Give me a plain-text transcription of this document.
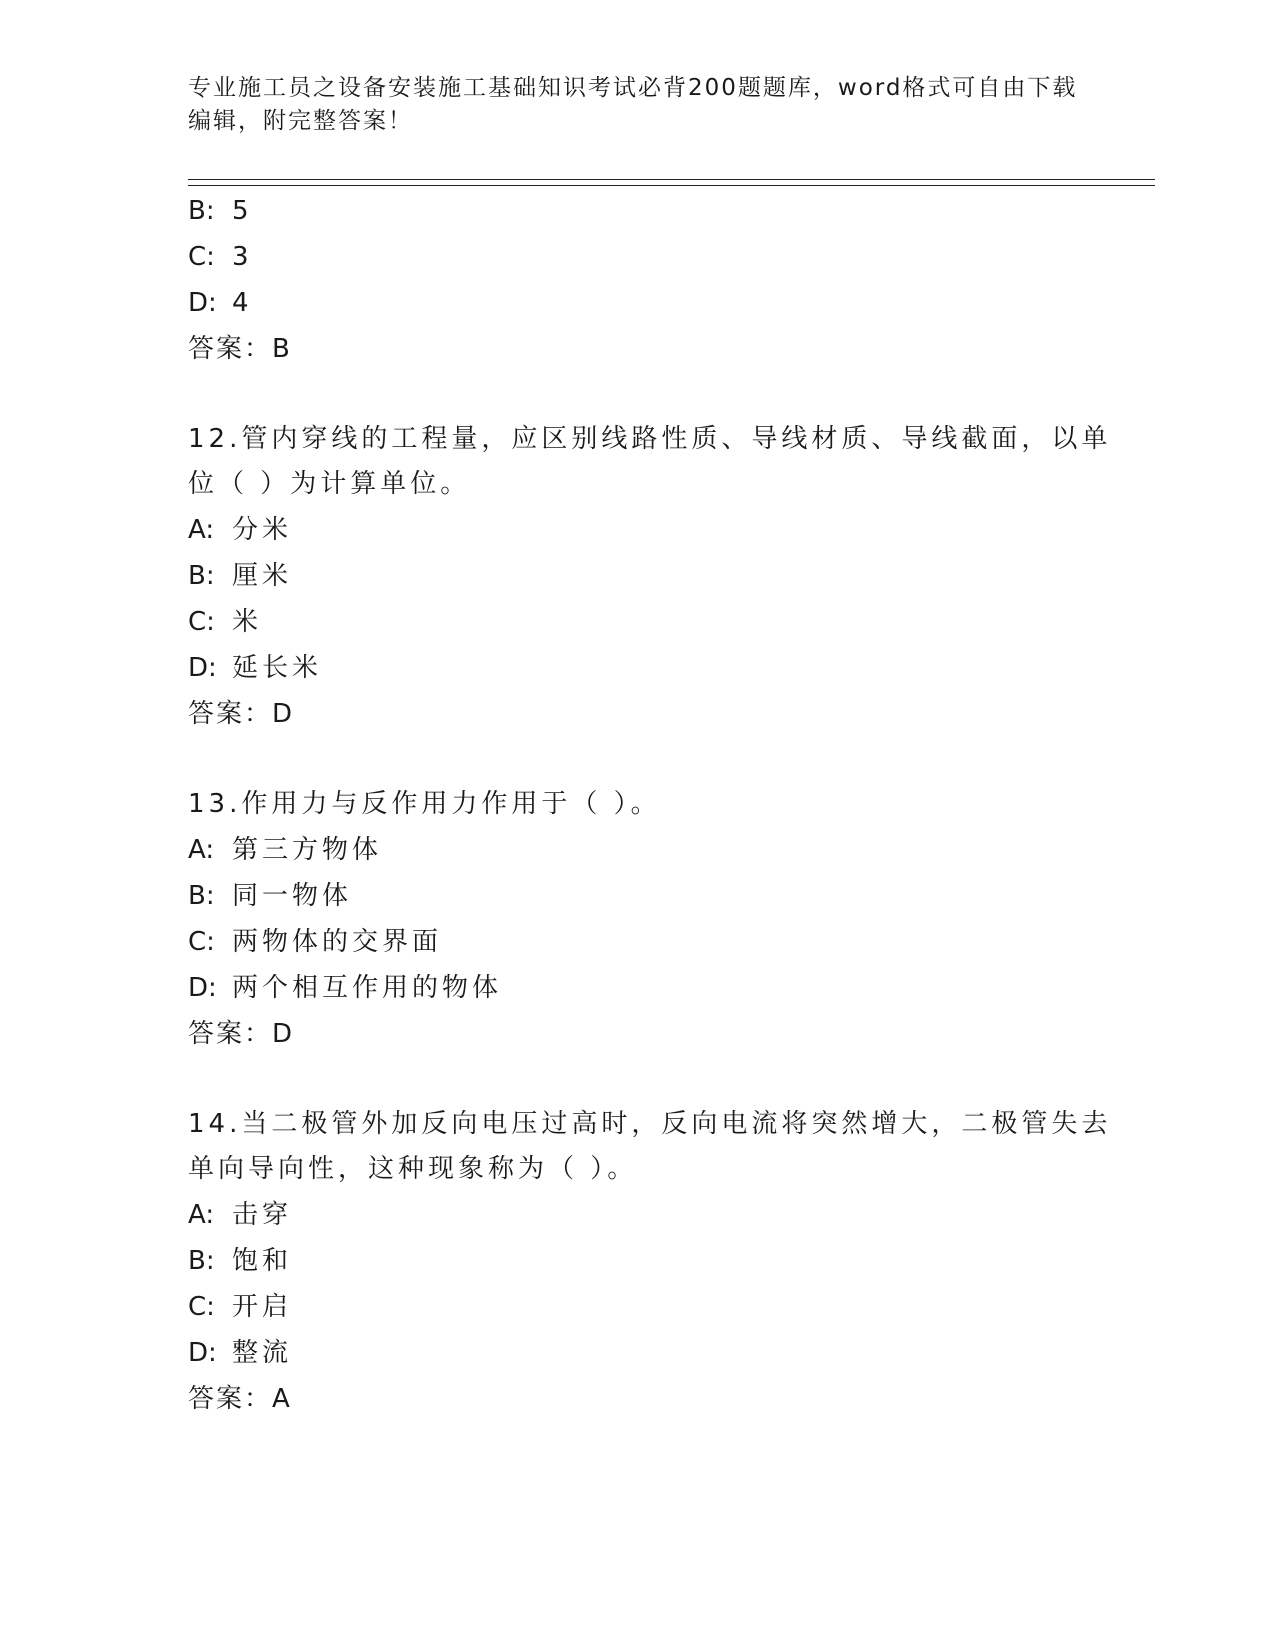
专业施工员之设备安装施工基础知识考试必背200题题库，word格式可自由下载
编辑，附完整答案！
B: 5
C: 3
D: 4
答案：B
12.管内穿线的工程量，应区别线路性质、导线材质、导线截面，以单
位（ ）为计算单位。
A: 分米
B: 厘米
C: 米
D: 延长米
答案：D
13.作用力与反作用力作用于（ ）。
A: 第三方物体
B: 同一物体
C: 两物体的交界面
D: 两个相互作用的物体
答案：D
14.当二极管外加反向电压过高时，反向电流将突然增大，二极管失去
单向导向性，这种现象称为（ ）。
A: 击穿
B: 饱和
C: 开启
D: 整流
答案：A
